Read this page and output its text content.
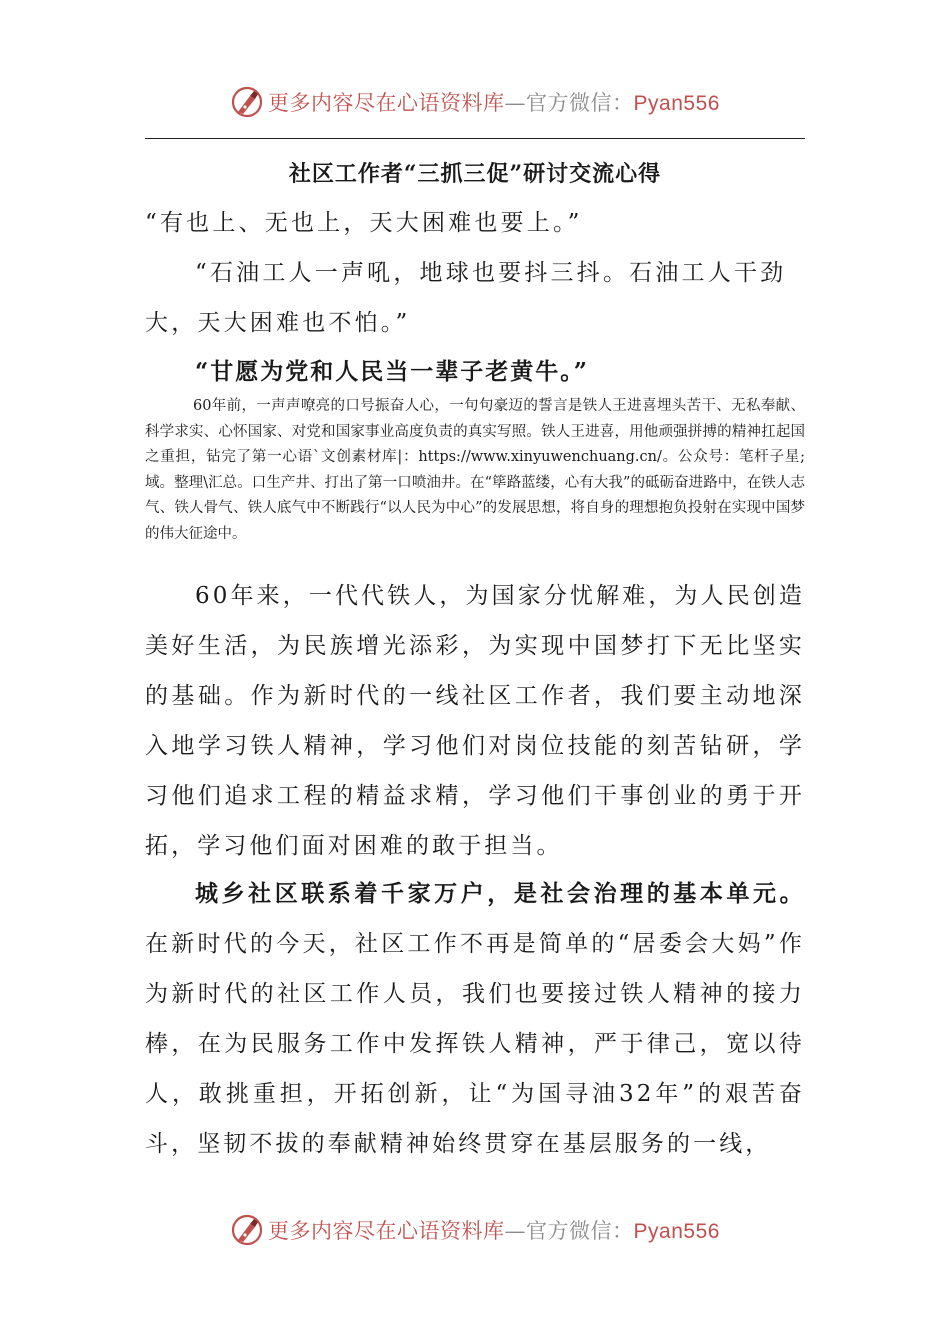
更多内容尽在心语资料库—官方微信：Pyan556
社区工作者“三抓三促”研讨交流心得
“有也上、无也上，天大困难也要上。”
“石油工人一声吼，地球也要抖三抖。石油工人干劲大，天大困难也不怕。”
“甘愿为党和人民当一辈子老黄牛。”
60年前，一声声嘹亮的口号振奋人心，一句句豪迈的誓言是铁人王进喜埋头苦干、无私奉献、科学求实、心怀国家、对党和国家事业高度负责的真实写照。铁人王进喜，用他顽强拼搏的精神扛起国之重担，钻完了第一心语`文创素材库|：https://www.xinyuwenchuang.cn/。公众号：笔杆子星;域。整理\汇总。口生产井、打出了第一口喷油井。在“筚路蓝缕，心有大我”的砥砺奋进路中，在铁人志气、铁人骨气、铁人底气中不断践行“以人民为中心”的发展思想，将自身的理想抱负投射在实现中国梦的伟大征途中。
60年来，一代代铁人，为国家分忧解难，为人民创造美好生活，为民族增光添彩，为实现中国梦打下无比坚实的基础。作为新时代的一线社区工作者，我们要主动地深入地学习铁人精神，学习他们对岗位技能的刻苦钻研，学习他们追求工程的精益求精，学习他们干事创业的勇于开拓，学习他们面对困难的敢于担当。
城乡社区联系着千家万户，是社会治理的基本单元。在新时代的今天，社区工作不再是简单的“居委会大妈”作为新时代的社区工作人员，我们也要接过铁人精神的接力棒，在为民服务工作中发挥铁人精神，严于律己，宽以待人，敢挑重担，开拓创新，让“为国寻油32年”的艰苦奋斗，坚韧不拔的奉献精神始终贯穿在基层服务的一线，
更多内容尽在心语资料库—官方微信：Pyan556
